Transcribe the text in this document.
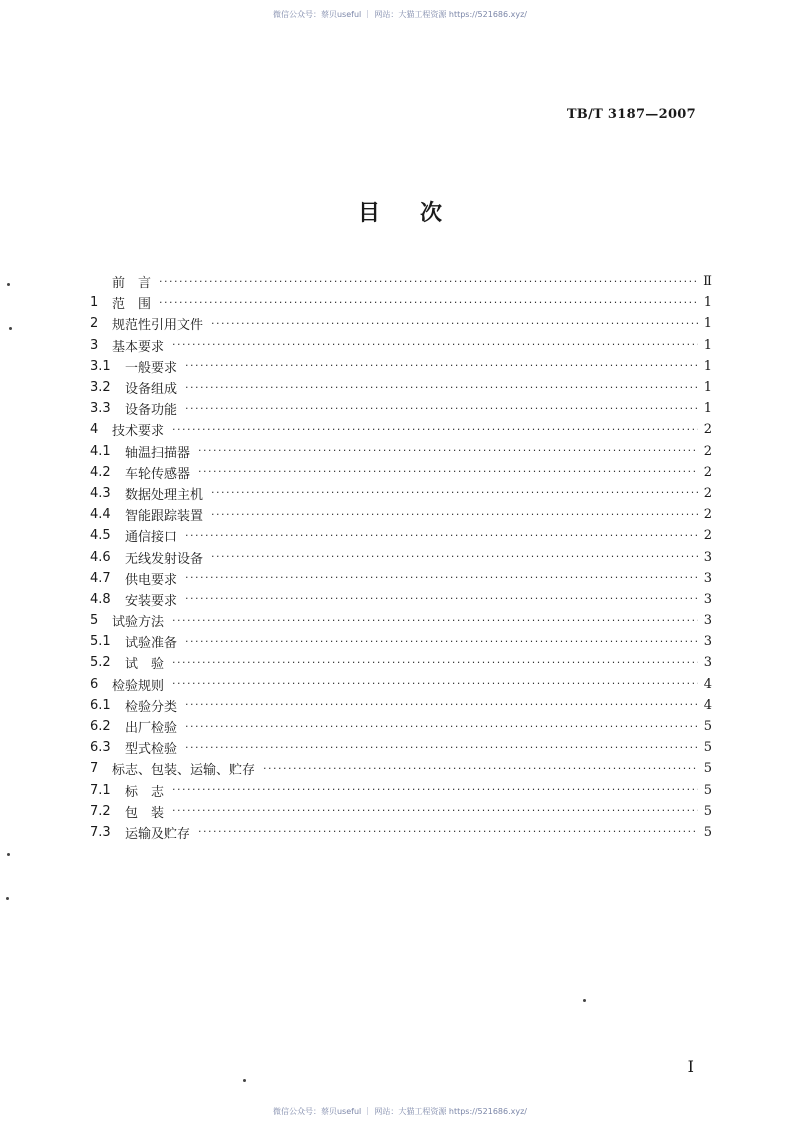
微信公众号：蔡贝useful ｜ 网站：大猫工程资源 https://521686.xyz/
TB/T 3187—2007
目次
前　言 ·····	Ⅱ
1	范　围 ·····	1
2	规范性引用文件 ·····	1
3	基本要求 ·····	1
3.1	一般要求 ·····	1
3.2	设备组成 ·····	1
3.3	设备功能 ·····	1
4	技术要求 ·····	2
4.1	轴温扫描器 ·····	2
4.2	车轮传感器 ·····	2
4.3	数据处理主机 ·····	2
4.4	智能跟踪装置 ·····	2
4.5	通信接口 ·····	2
4.6	无线发射设备 ·····	3
4.7	供电要求 ·····	3
4.8	安装要求 ·····	3
5	试验方法 ·····	3
5.1	试验准备 ·····	3
5.2	试　验 ·····	3
6	检验规则 ·····	4
6.1	检验分类 ·····	4
6.2	出厂检验 ·····	5
6.3	型式检验 ·····	5
7	标志、包装、运输、贮存 ·····	5
7.1	标　志 ·····	5
7.2	包　装 ·····	5
7.3	运输及贮存 ·····	5
Ⅰ
微信公众号：蔡贝useful ｜ 网站：大猫工程资源 https://521686.xyz/
